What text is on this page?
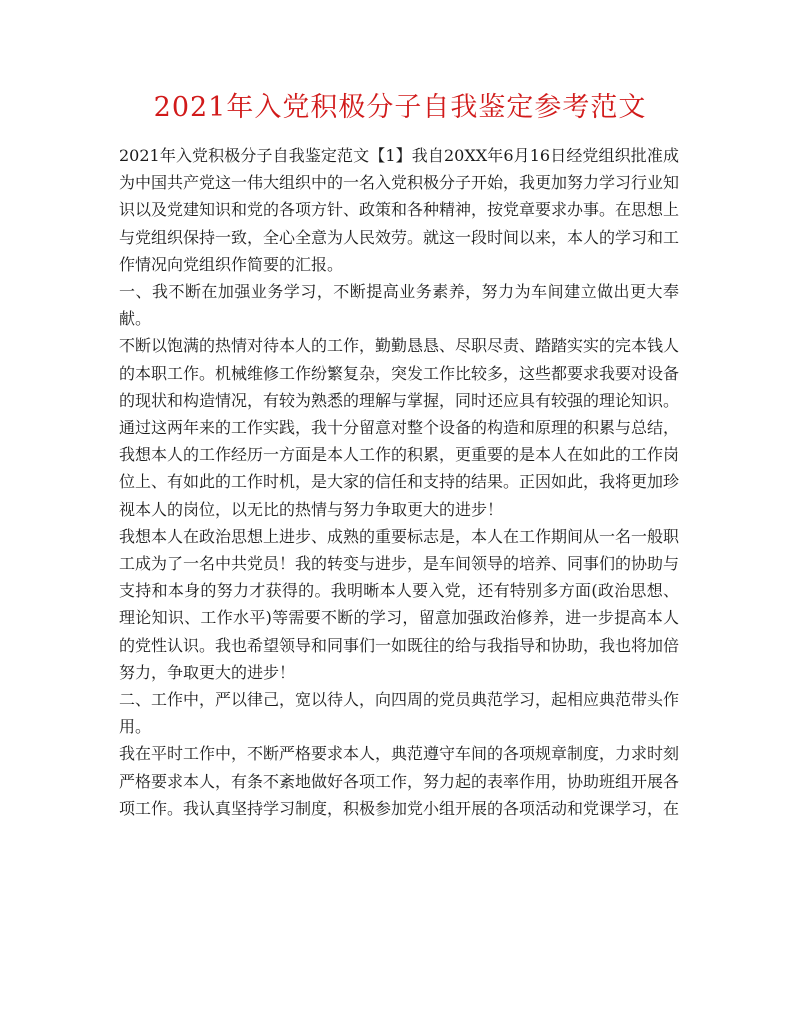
2021年入党积极分子自我鉴定参考范文

2021年入党积极分子自我鉴定范文【1】我自20XX年6月16日经党组织批准成为中国共产党这一伟大组织中的一名入党积极分子开始，我更加努力学习行业知识以及党建知识和党的各项方针、政策和各种精神，按党章要求办事。在思想上与党组织保持一致，全心全意为人民效劳。就这一段时间以来，本人的学习和工作情况向党组织作简要的汇报。

一、我不断在加强业务学习，不断提高业务素养，努力为车间建立做出更大奉献。

不断以饱满的热情对待本人的工作，勤勤恳恳、尽职尽责、踏踏实实的完本钱人的本职工作。机械维修工作纷繁复杂，突发工作比较多，这些都要求我要对设备的现状和构造情况，有较为熟悉的理解与掌握，同时还应具有较强的理论知识。通过这两年来的工作实践，我十分留意对整个设备的构造和原理的积累与总结，我想本人的工作经历一方面是本人工作的积累，更重要的是本人在如此的工作岗位上、有如此的工作时机，是大家的信任和支持的结果。正因如此，我将更加珍视本人的岗位，以无比的热情与努力争取更大的进步！

我想本人在政治思想上进步、成熟的重要标志是，本人在工作期间从一名一般职工成为了一名中共党员！我的转变与进步，是车间领导的培养、同事们的协助与支持和本身的努力才获得的。我明晰本人要入党，还有特别多方面(政治思想、理论知识、工作水平)等需要不断的学习，留意加强政治修养，进一步提高本人的党性认识。我也希望领导和同事们一如既往的给与我指导和协助，我也将加倍努力，争取更大的进步！

二、工作中，严以律己，宽以待人，向四周的党员典范学习，起相应典范带头作用。

我在平时工作中，不断严格要求本人，典范遵守车间的各项规章制度，力求时刻严格要求本人，有条不紊地做好各项工作，努力起的表率作用，协助班组开展各项工作。我认真坚持学习制度，积极参加党小组开展的各项活动和党课学习，在
